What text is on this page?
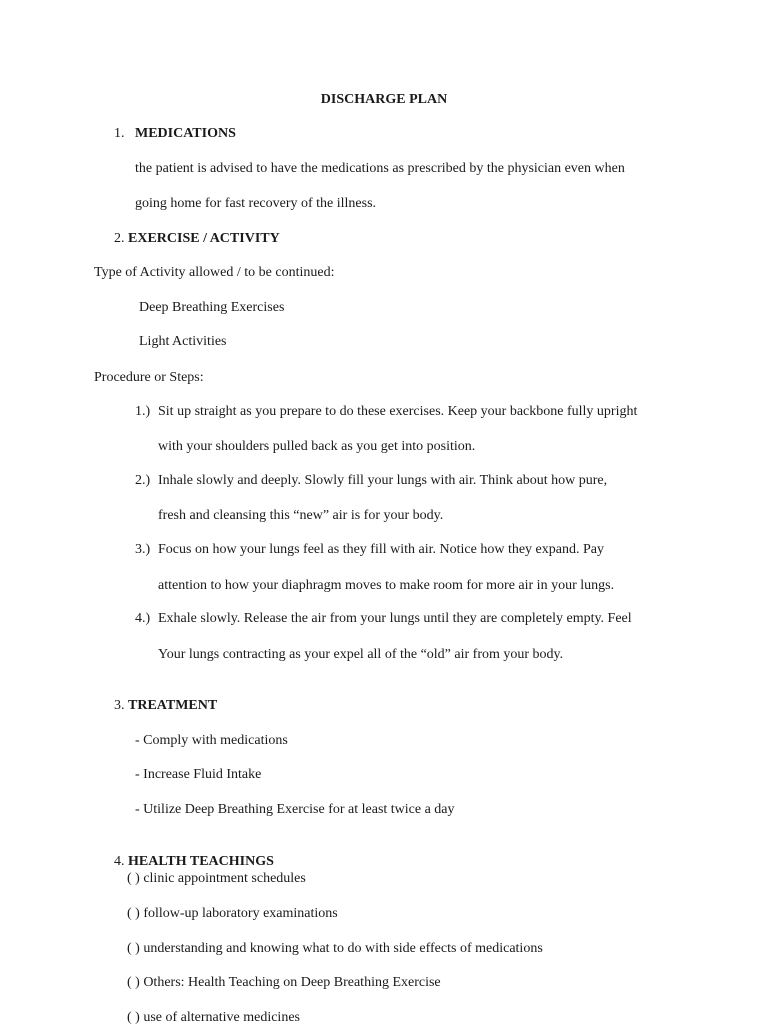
DISCHARGE PLAN
1. MEDICATIONS
the patient is advised to have the medications as prescribed by the physician even when
going home for fast recovery of the illness.
2. EXERCISE / ACTIVITY
Type of Activity allowed / to be continued:
Deep Breathing Exercises
Light Activities
Procedure or Steps:
1.) Sit up straight as you prepare to do these exercises. Keep your backbone fully upright
with your shoulders pulled back as you get into position.
2.) Inhale slowly and deeply. Slowly fill your lungs with air. Think about how pure,
fresh and cleansing this “new” air is for your body.
3.) Focus on how your lungs feel as they fill with air. Notice how they expand. Pay
attention to how your diaphragm moves to make room for more air in your lungs.
4.) Exhale slowly. Release the air from your lungs until they are completely empty. Feel
Your lungs contracting as your expel all of the “old” air from your body.
3. TREATMENT
- Comply with medications
- Increase Fluid Intake
- Utilize Deep Breathing Exercise for at least twice a day
4. HEALTH TEACHINGS
( ) clinic appointment schedules
( ) follow-up laboratory examinations
( ) understanding and knowing what to do with side effects of medications
( ) Others: Health Teaching on Deep Breathing Exercise
( ) use of alternative medicines
